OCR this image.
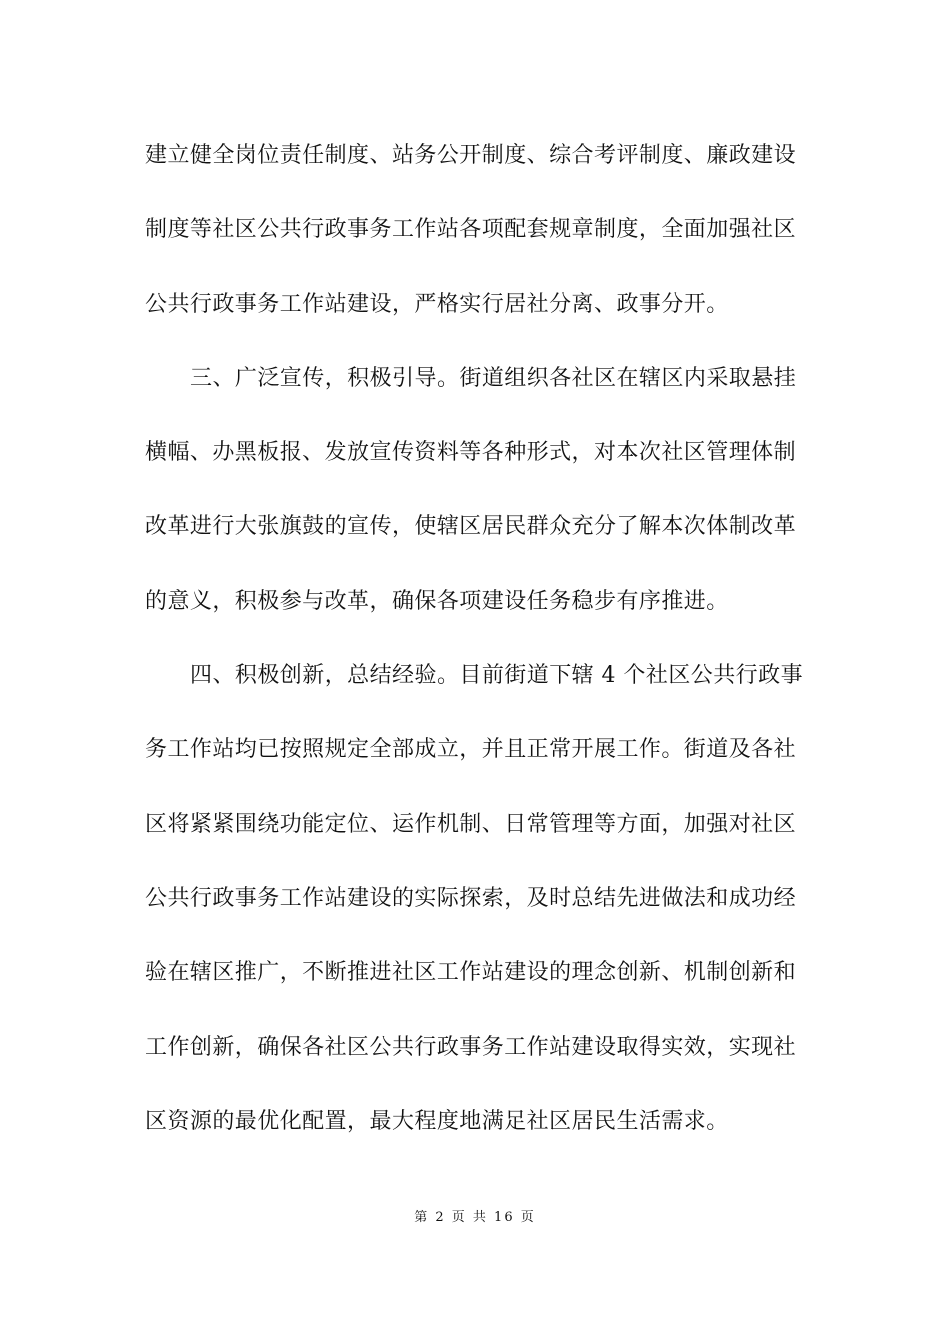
建立健全岗位责任制度、站务公开制度、综合考评制度、廉政建设
制度等社区公共行政事务工作站各项配套规章制度，全面加强社区
公共行政事务工作站建设，严格实行居社分离、政事分开。
三、广泛宣传，积极引导。街道组织各社区在辖区内采取悬挂
横幅、办黑板报、发放宣传资料等各种形式，对本次社区管理体制
改革进行大张旗鼓的宣传，使辖区居民群众充分了解本次体制改革
的意义，积极参与改革，确保各项建设任务稳步有序推进。
四、积极创新，总结经验。目前街道下辖 4 个社区公共行政事
务工作站均已按照规定全部成立，并且正常开展工作。街道及各社
区将紧紧围绕功能定位、运作机制、日常管理等方面，加强对社区
公共行政事务工作站建设的实际探索，及时总结先进做法和成功经
验在辖区推广，不断推进社区工作站建设的理念创新、机制创新和
工作创新，确保各社区公共行政事务工作站建设取得实效，实现社
区资源的最优化配置，最大程度地满足社区居民生活需求。
第 2 页 共 16 页
